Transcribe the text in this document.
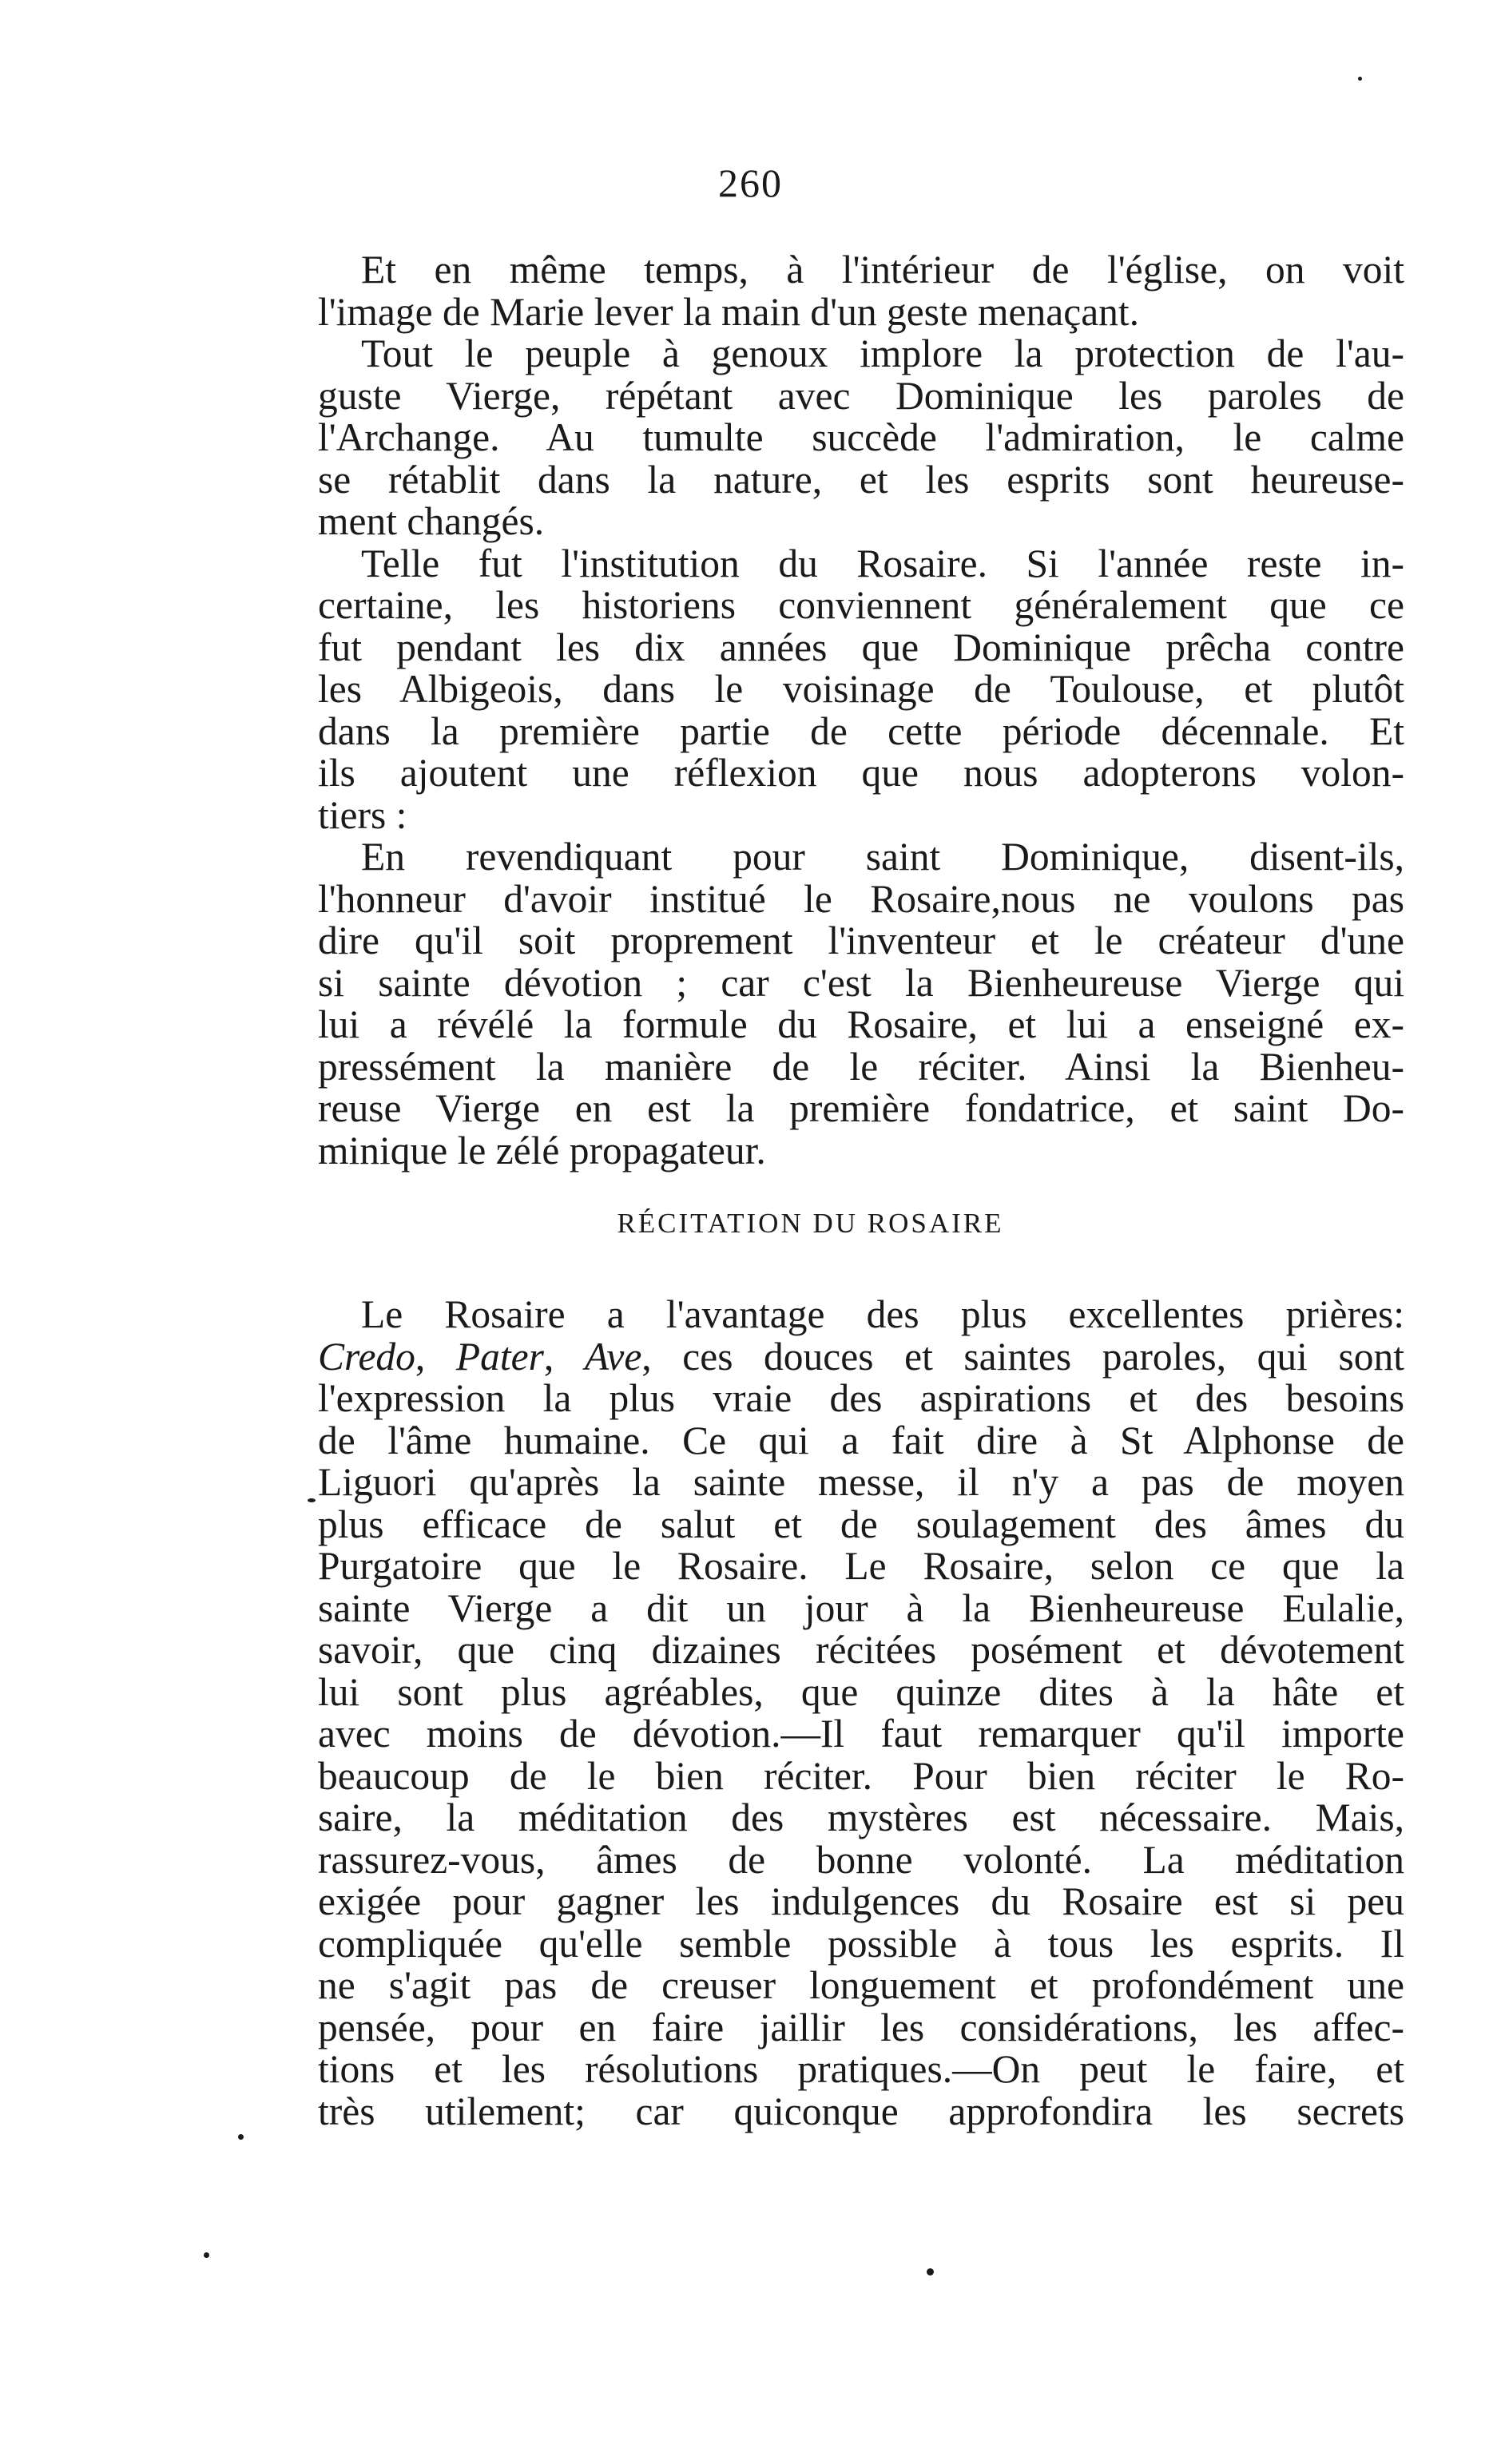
260
Et en même temps, à l'intérieur de l'église, on voit
l'image de Marie lever la main d'un geste menaçant.
Tout le peuple à genoux implore la protection de l'au-
guste Vierge, répétant avec Dominique les paroles de
l'Archange. Au tumulte succède l'admiration, le calme
se rétablit dans la nature, et les esprits sont heureuse-
ment changés.
Telle fut l'institution du Rosaire. Si l'année reste in-
certaine, les historiens conviennent généralement que ce
fut pendant les dix années que Dominique prêcha contre
les Albigeois, dans le voisinage de Toulouse, et plutôt
dans la première partie de cette période décennale. Et
ils ajoutent une réflexion que nous adopterons volon-
tiers :
En revendiquant pour saint Dominique, disent-ils,
l'honneur d'avoir institué le Rosaire,nous ne voulons pas
dire qu'il soit proprement l'inventeur et le créateur d'une
si sainte dévotion ; car c'est la Bienheureuse Vierge qui
lui a révélé la formule du Rosaire, et lui a enseigné ex-
pressément la manière de le réciter. Ainsi la Bienheu-
reuse Vierge en est la première fondatrice, et saint Do-
minique le zélé propagateur.
RÉCITATION DU ROSAIRE
Le Rosaire a l'avantage des plus excellentes prières:
Credo, Pater, Ave, ces douces et saintes paroles, qui sont
l'expression la plus vraie des aspirations et des besoins
de l'âme humaine. Ce qui a fait dire à St Alphonse de
Liguori qu'après la sainte messe, il n'y a pas de moyen
plus efficace de salut et de soulagement des âmes du
Purgatoire que le Rosaire. Le Rosaire, selon ce que la
sainte Vierge a dit un jour à la Bienheureuse Eulalie,
savoir, que cinq dizaines récitées posément et dévotement
lui sont plus agréables, que quinze dites à la hâte et
avec moins de dévotion.—Il faut remarquer qu'il importe
beaucoup de le bien réciter. Pour bien réciter le Ro-
saire, la méditation des mystères est nécessaire. Mais,
rassurez-vous, âmes de bonne volonté. La méditation
exigée pour gagner les indulgences du Rosaire est si peu
compliquée qu'elle semble possible à tous les esprits. Il
ne s'agit pas de creuser longuement et profondément une
pensée, pour en faire jaillir les considérations, les affec-
tions et les résolutions pratiques.—On peut le faire, et
très utilement; car quiconque approfondira les secrets
